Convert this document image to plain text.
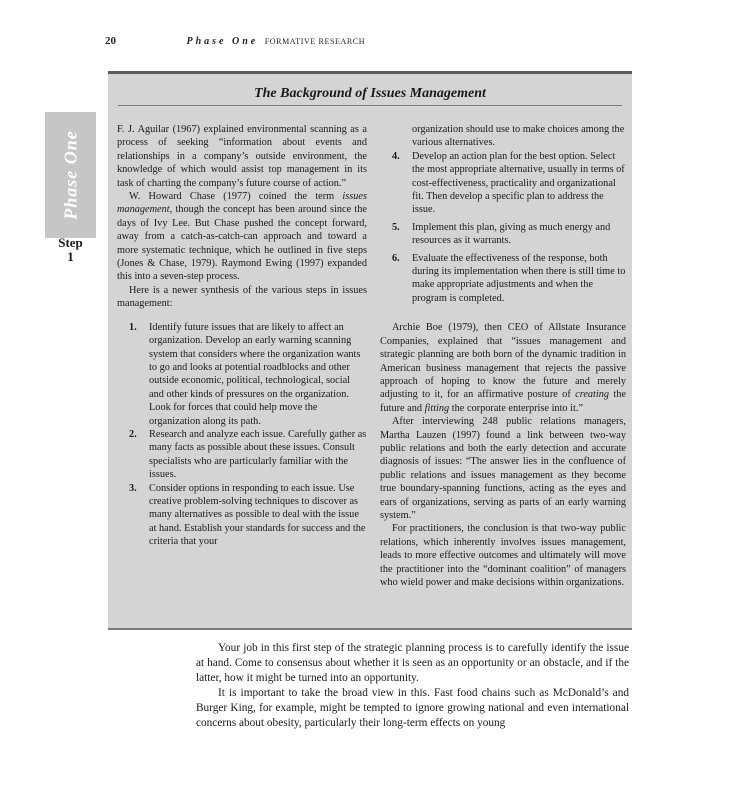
20	Phase One FORMATIVE RESEARCH
Phase One
Step
1
The Background of Issues Management

F. J. Aguilar (1967) explained environmental scanning as a process of seeking “information about events and relationships in a company’s outside environment, the knowledge of which would assist top management in its task of charting the company’s future course of action.”

W. Howard Chase (1977) coined the term issues management, though the concept has been around since the days of Ivy Lee. But Chase pushed the concept forward, away from a catch-as-catch-can approach and toward a more systematic technique, which he outlined in five steps (Jones & Chase, 1979). Raymond Ewing (1997) expanded this into a seven-step process.

Here is a newer synthesis of the various steps in issues management:

1. Identify future issues that are likely to affect an organization. Develop an early warning scanning system that considers where the organization wants to go and looks at potential roadblocks and other outside economic, political, technological, social and other kinds of pressures on the organization. Look for forces that could help move the organization along its path.
2. Research and analyze each issue. Carefully gather as many facts as possible about these issues. Consult specialists who are particularly familiar with the issues.
3. Consider options in responding to each issue. Use creative problem-solving techniques to discover as many alternatives as possible to deal with the issue at hand. Establish your standards for success and the criteria that your

organization should use to make choices among the various alternatives.

4. Develop an action plan for the best option. Select the most appropriate alternative, usually in terms of cost-effectiveness, practicality and organizational fit. Then develop a specific plan to address the issue.
5. Implement this plan, giving as much energy and resources as it warrants.
6. Evaluate the effectiveness of the response, both during its implementation when there is still time to make appropriate adjustments and when the program is completed.

Archie Boe (1979), then CEO of Allstate Insurance Companies, explained that “issues management and strategic planning are both born of the dynamic tradition in American business management that rejects the passive approach of hoping to know the future and merely adjusting to it, for an affirmative posture of creating the future and fitting the corporate enterprise into it.”

After interviewing 248 public relations managers, Martha Lauzen (1997) found a link between two-way public relations and both the early detection and accurate diagnosis of issues: “The answer lies in the confluence of public relations and issues management as they become true boundary-spanning functions, acting as the eyes and ears of organizations, serving as parts of an early warning system.”

For practitioners, the conclusion is that two-way public relations, which inherently involves issues management, leads to more effective outcomes and ultimately will move the practitioner into the “dominant coalition” of managers who wield power and make decisions within organizations.

Your job in this first step of the strategic planning process is to carefully identify the issue at hand. Come to consensus about whether it is seen as an opportunity or an obstacle, and if the latter, how it might be turned into an opportunity.

It is important to take the broad view in this. Fast food chains such as McDonald’s and Burger King, for example, might be tempted to ignore growing national and even international concerns about obesity, particularly their long-term effects on young
